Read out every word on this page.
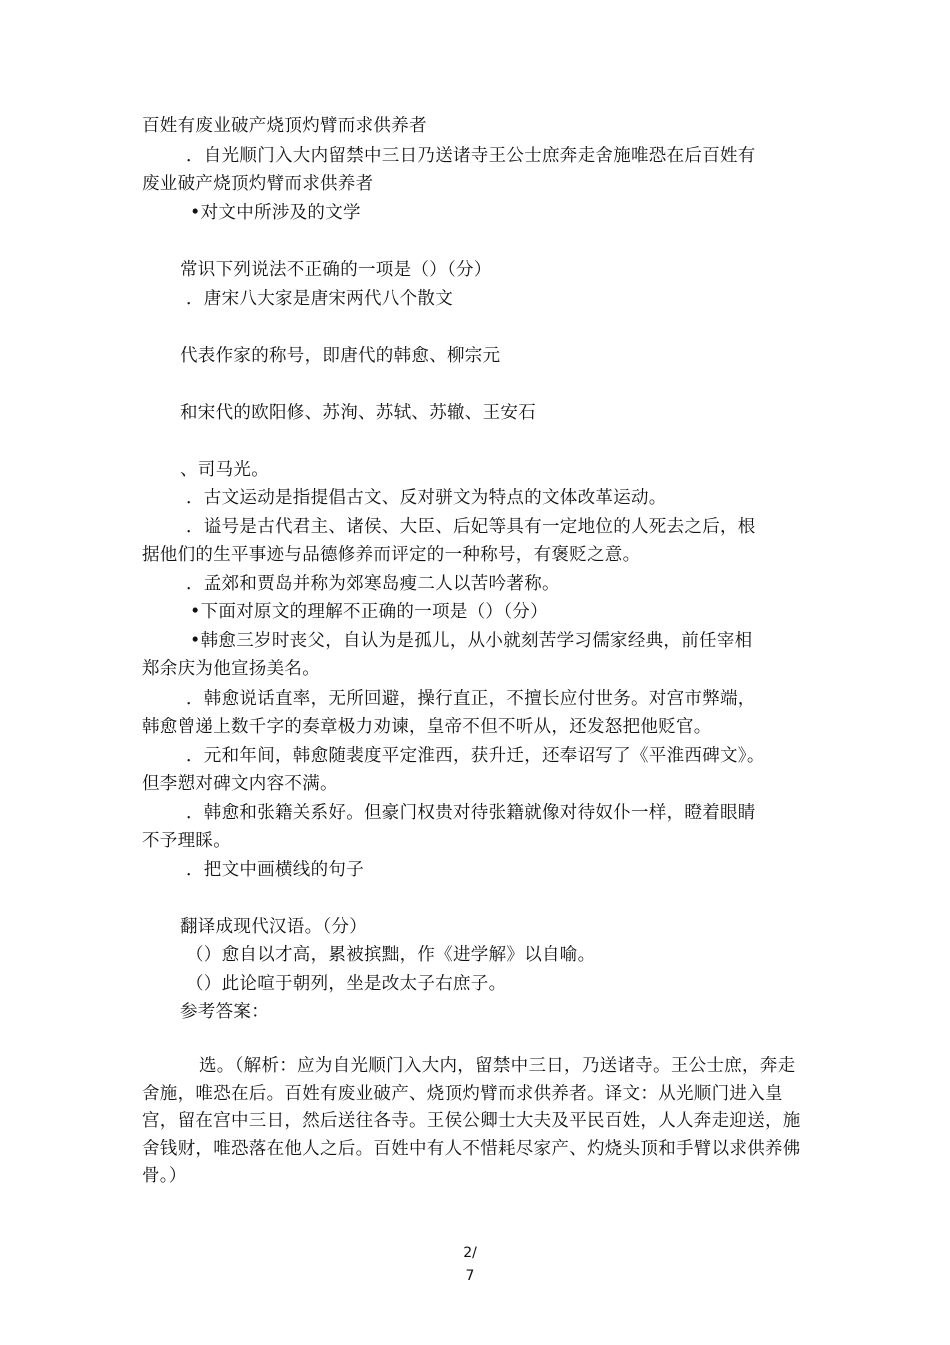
百姓有废业破产烧顶灼臂而求供养者
．自光顺门入大内留禁中三日乃送诸寺王公士庶奔走舍施唯恐在后百姓有
废业破产烧顶灼臂而求供养者
•对文中所涉及的文学
常识下列说法不正确的一项是（）（分）
．唐宋八大家是唐宋两代八个散文
代表作家的称号，即唐代的韩愈、柳宗元
和宋代的欧阳修、苏洵、苏轼、苏辙、王安石
、司马光。
．古文运动是指提倡古文、反对骈文为特点的文体改革运动。
．谥号是古代君主、诸侯、大臣、后妃等具有一定地位的人死去之后，根
据他们的生平事迹与品德修养而评定的一种称号，有褒贬之意。
．孟郊和贾岛并称为郊寒岛瘦二人以苦吟著称。
•下面对原文的理解不正确的一项是（）（分）
•韩愈三岁时丧父，自认为是孤儿，从小就刻苦学习儒家经典，前任宰相
郑余庆为他宣扬美名。
．韩愈说话直率，无所回避，操行直正，不擅长应付世务。对宫市弊端，
韩愈曾递上数千字的奏章极力劝谏，皇帝不但不听从，还发怒把他贬官。
．元和年间，韩愈随裴度平定淮西，获升迁，还奉诏写了《平淮西碑文》。
但李愬对碑文内容不满。
．韩愈和张籍关系好。但豪门权贵对待张籍就像对待奴仆一样，瞪着眼睛
不予理睬。
．把文中画横线的句子
翻译成现代汉语。（分）
（）愈自以才高，累被摈黜，作《进学解》以自喻。
（）此论喧于朝列，坐是改太子右庶子。
参考答案：
选。（解析：应为自光顺门入大内，留禁中三日，乃送诸寺。王公士庶，奔走舍施，唯恐在后。百姓有废业破产、烧顶灼臂而求供养者。译文：从光顺门进入皇宫，留在宫中三日，然后送往各寺。王侯公卿士大夫及平民百姓，人人奔走迎送，施舍钱财，唯恐落在他人之后。百姓中有人不惜耗尽家产、灼烧头顶和手臂以求供养佛骨。）
2/
7
